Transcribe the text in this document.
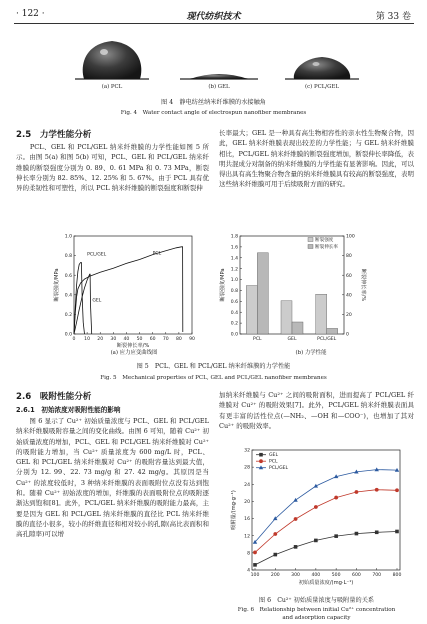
· 122 ·	现代纺织技术	第 33 卷
(a) PCL	(b) GEL	(c) PCL/GEL
图 4　静电纺丝纳米纤维膜的水接触角
Fig. 4　Water contact angle of electrospun nanofiber membranes
2.5　力学性能分析

　　PCL、GEL 和 PCL/GEL 纳米纤维膜的力学性能如图 5 所示。由图 5(a) 和图 5(b) 可知，PCL、GEL 和 PCL/GEL 纳米纤维膜的断裂强度分别为 0. 89、0. 61 MPa 和 0. 73 MPa，断裂伸长率分别为 82. 85%、12. 25% 和 5. 67%。由于 PCL 具有优异的柔韧性和可塑性，所以 PCL 纳米纤维膜的断裂强度和断裂伸

长率最大；GEL 是一种具有高生物相容性的亲水性生物聚合物，因此，GEL 纳米纤维膜表现出较差的力学性能；与 GEL 纳米纤维膜相比，PCL/GEL 纳米纤维膜的断裂强度增加，断裂伸长率降低，表明共混成分对制备的纳米纤维膜的力学性能有显著影响。因此，可以得出具有高生物聚合物含量的纳米纤维膜具有较高的断裂强度，表明这些纳米纤维膜可用于后续吸附方面的研究。

0.0
0.2
0.4
0.6
0.8
1.0
0 10 20 30 40 50 60 70 80 90
断裂伸长率/%
断裂强度/MPa
PCL
PCL/GEL
GEL
(a) 应力应变曲线图
0.0
0.2
0.4
0.6
0.8
1.0
1.2
1.4
1.6
1.8
0
20
40
60
80
100
断裂强度/MPa	断裂伸长率/%
PCL	GEL	PCL/GEL
断裂强度
断裂伸长率
(b) 力学性能
图 5　PCL、GEL 和 PCL/GEL 纳米纤维膜的力学性能
Fig. 5　Mechanical properties of PCL, GEL and PCL/GEL nanofiber membranes
2.6　吸附性能分析
2.6.1　初始浓度对吸附性能的影响

　　图 6 显示了 Cu²⁺ 初始质量浓度与 PCL、GEL 和 PCL/GEL 纳米纤维膜吸附容量之间的变化曲线。由图 6 可知，随着 Cu²⁺ 初始质量浓度的增加，PCL、GEL 和 PCL/GEL 纳米纤维膜对 Cu²⁺ 的吸附能力增加，当 Cu²⁺ 质量浓度为 600 mg/L 时，PCL、GEL 和 PCL/GEL 纳米纤维膜对 Cu²⁺ 的吸附容量达到最大值，分别为 12. 99、22. 73 mg/g 和 27. 42 mg/g。其原因是当 Cu²⁺ 的浓度较低时，3 种纳米纤维膜的表面吸附位点没有达到饱和。随着 Cu²⁺ 初始浓度的增加，纤维膜的表面吸附位点的吸附逐渐达到饱和[8]。此外，PCL/GEL 纳米纤维膜的吸附能力最高，主要是因为 GEL 和 PCL/GEL 纳米纤维膜的直径比 PCL 纳米纤维膜的直径小很多，较小的纤维直径和相对较小的孔隙(高比表面积和高孔隙率)可以增

加纳米纤维膜与 Cu²⁺ 之间的吸附面积，进而提高了 PCL/GEL 纤维膜对 Cu²⁺ 的吸附效果[7]。此外，PCL/GEL 纳米纤维膜表面具有更丰富的活性位点(—NH₂、—OH 和—COO⁻)，也增加了其对 Cu²⁺ 的吸附效率。

4
8
12
16
20
24
28
32
100	200	300	400	500	600	700	800
初始质量浓度/(mg·L⁻¹)
吸附量/(mg·g⁻¹)
GEL
PCL
PCL/GEL
图 6　Cu²⁺ 初始质量浓度与吸附量的关系
Fig. 6　Relationship between initial Cu²⁺ concentration
and adsorption capacity
